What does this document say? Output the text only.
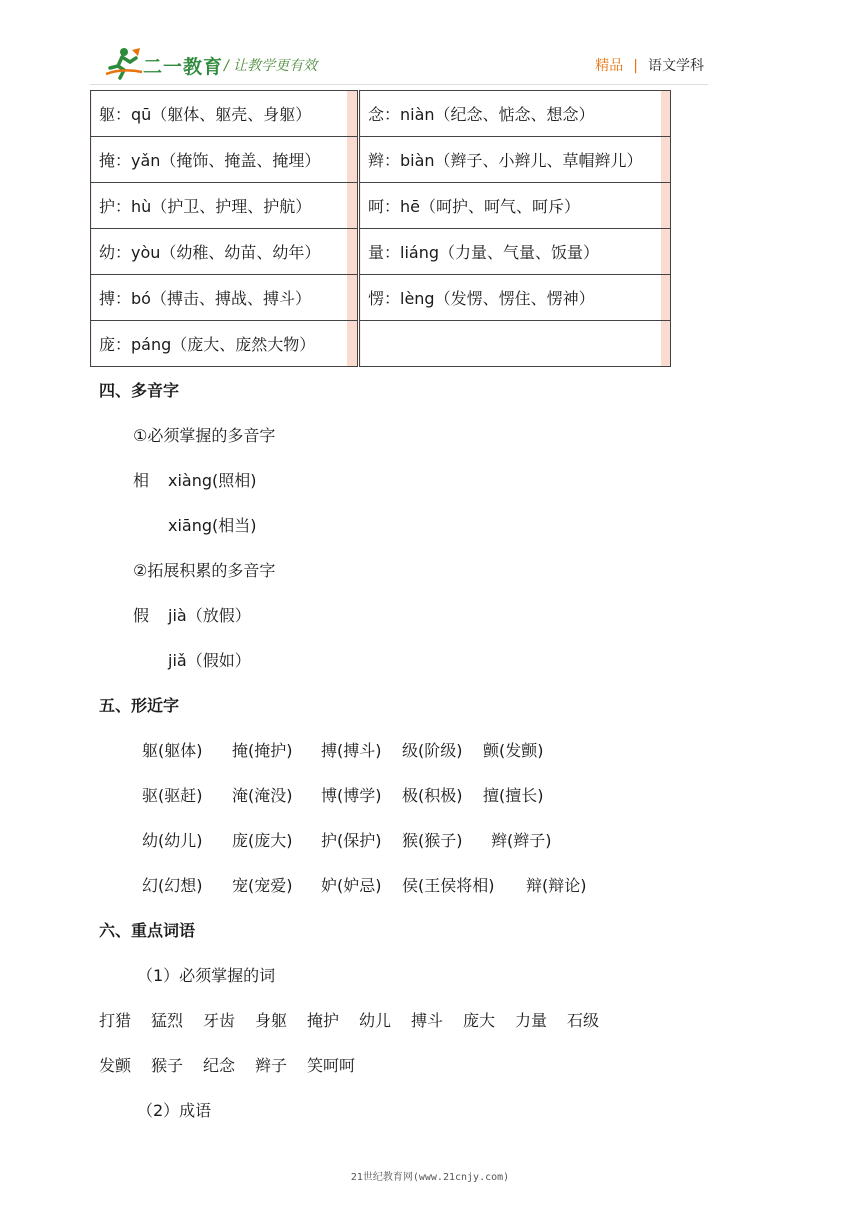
二一教育 / 让教学更有效	精品 | 语文学科
躯：qū（躯体、躯壳、身躯）	念：niàn（纪念、惦念、想念）
掩：yǎn（掩饰、掩盖、掩埋）	辫：biàn（辫子、小辫儿、草帽辫儿）
护：hù（护卫、护理、护航）	呵：hē（呵护、呵气、呵斥）
幼：yòu（幼稚、幼苗、幼年）	量：liáng（力量、气量、饭量）
搏：bó（搏击、搏战、搏斗）	愣：lèng（发愣、愣住、愣神）
庞：páng（庞大、庞然大物）	
四、多音字
①必须掌握的多音字
相 xiàng(照相)
xiāng(相当)
②拓展积累的多音字
假 jià（放假）
jiǎ（假如）
五、形近字
躯(躯体) 掩(掩护) 搏(搏斗) 级(阶级) 颤(发颤)
驱(驱赶) 淹(淹没) 博(博学) 极(积极) 擅(擅长)
幼(幼儿) 庞(庞大) 护(保护) 猴(猴子) 辫(辫子)
幻(幻想) 宠(宠爱) 妒(妒忌) 侯(王侯将相) 辩(辩论)
六、重点词语
（1）必须掌握的词
打猎 猛烈 牙齿 身躯 掩护 幼儿 搏斗 庞大 力量 石级
发颤 猴子 纪念 辫子 笑呵呵
（2）成语
21世纪教育网(www.21cnjy.com)
